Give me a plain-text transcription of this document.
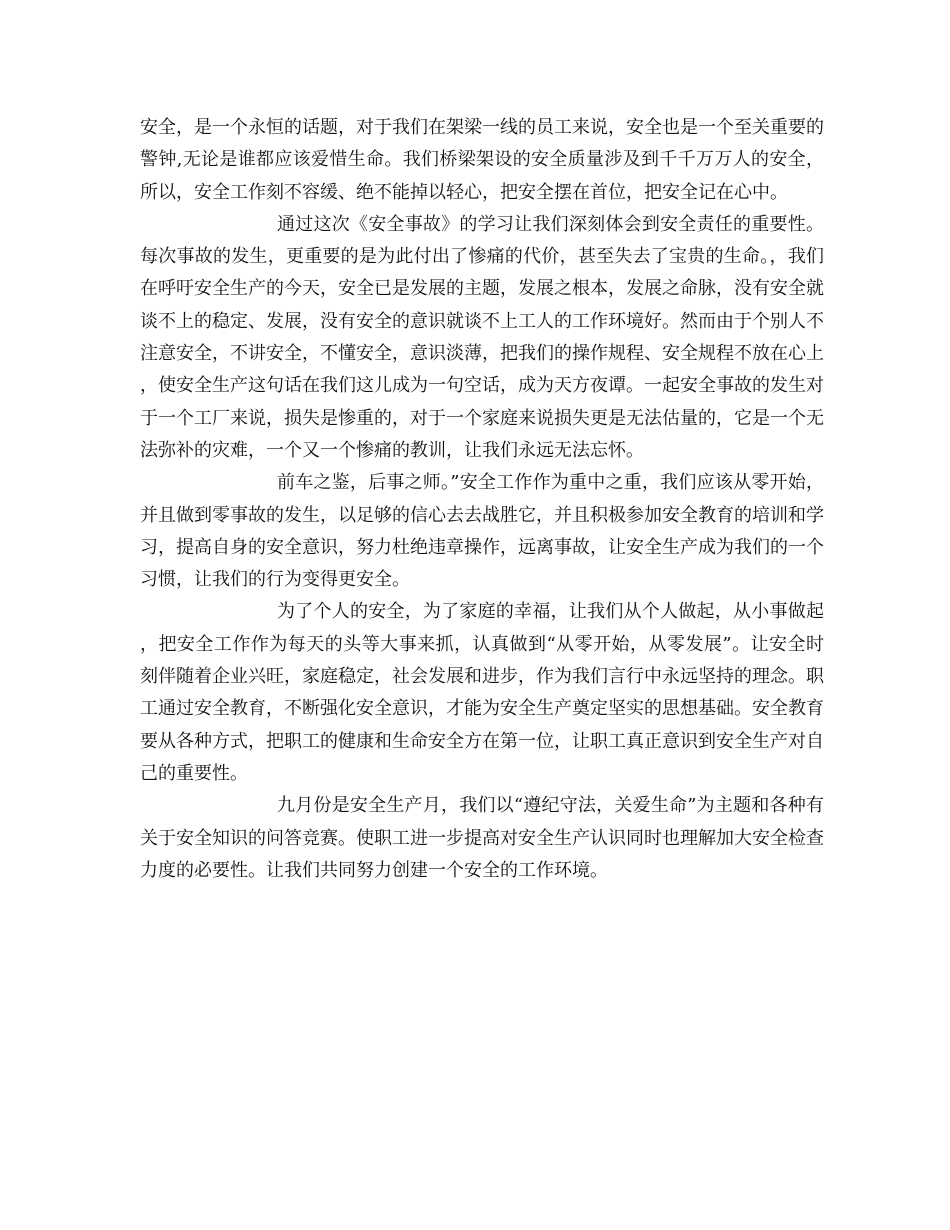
安全，是一个永恒的话题，对于我们在架梁一线的员工来说，安全也是一个至关重要的警钟,无论是谁都应该爱惜生命。我们桥梁架设的安全质量涉及到千千万万人的安全，所以，安全工作刻不容缓、绝不能掉以轻心，把安全摆在首位，把安全记在心中。

通过这次《安全事故》的学习让我们深刻体会到安全责任的重要性。每次事故的发生，更重要的是为此付出了惨痛的代价，甚至失去了宝贵的生命。，我们在呼吁安全生产的今天，安全已是发展的主题，发展之根本，发展之命脉，没有安全就谈不上的稳定、发展，没有安全的意识就谈不上工人的工作环境好。然而由于个别人不注意安全，不讲安全，不懂安全，意识淡薄，把我们的操作规程、安全规程不放在心上，使安全生产这句话在我们这儿成为一句空话，成为天方夜谭。一起安全事故的发生对于一个工厂来说，损失是惨重的，对于一个家庭来说损失更是无法估量的，它是一个无法弥补的灾难，一个又一个惨痛的教训，让我们永远无法忘怀。

前车之鉴，后事之师。”安全工作作为重中之重，我们应该从零开始，并且做到零事故的发生，以足够的信心去去战胜它，并且积极参加安全教育的培训和学习，提高自身的安全意识，努力杜绝违章操作，远离事故，让安全生产成为我们的一个习惯，让我们的行为变得更安全。

为了个人的安全，为了家庭的幸福，让我们从个人做起，从小事做起，把安全工作作为每天的头等大事来抓，认真做到“从零开始，从零发展”。让安全时刻伴随着企业兴旺，家庭稳定，社会发展和进步，作为我们言行中永远坚持的理念。职工通过安全教育，不断强化安全意识，才能为安全生产奠定坚实的思想基础。安全教育要从各种方式，把职工的健康和生命安全方在第一位，让职工真正意识到安全生产对自己的重要性。

九月份是安全生产月，我们以“遵纪守法，关爱生命”为主题和各种有关于安全知识的问答竞赛。使职工进一步提高对安全生产认识同时也理解加大安全检查力度的必要性。让我们共同努力创建一个安全的工作环境。
